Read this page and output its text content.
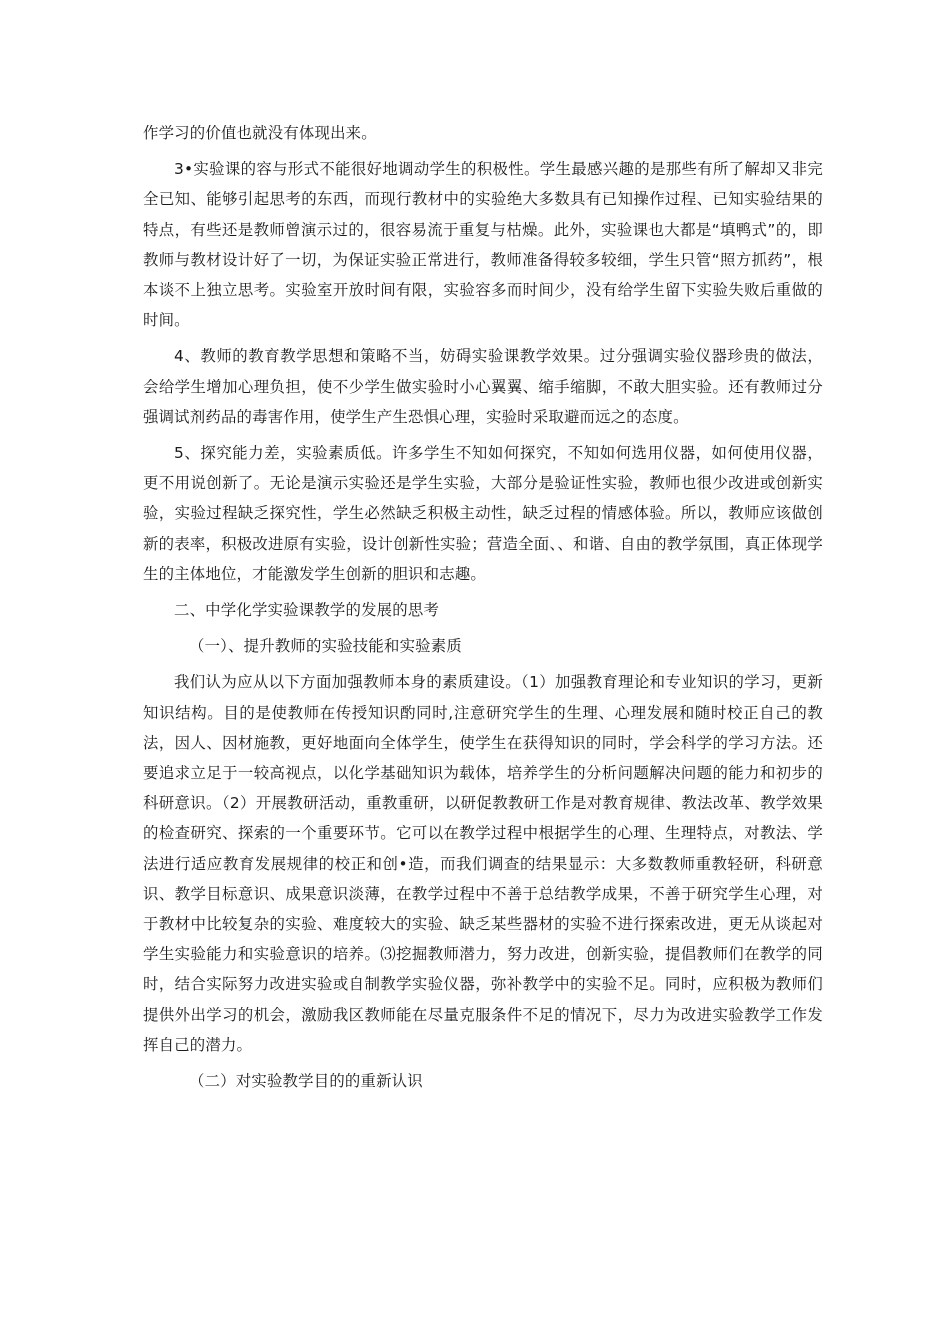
作学习的价值也就没有体现出来。

3•实验课的容与形式不能很好地调动学生的积极性。学生最感兴趣的是那些有所了解却又非完全已知、能够引起思考的东西，而现行教材中的实验绝大多数具有已知操作过程、已知实验结果的特点，有些还是教师曾演示过的，很容易流于重复与枯燥。此外，实验课也大都是“填鸭式”的，即教师与教材设计好了一切，为保证实验正常进行，教师准备得较多较细，学生只管“照方抓药”，根本谈不上独立思考。实验室开放时间有限，实验容多而时间少，没有给学生留下实验失败后重做的时间。

4、教师的教育教学思想和策略不当，妨碍实验课教学效果。过分强调实验仪器珍贵的做法，会给学生增加心理负担，使不少学生做实验时小心翼翼、缩手缩脚，不敢大胆实验。还有教师过分强调试剂药品的毒害作用，使学生产生恐惧心理，实验时采取避而远之的态度。

5、探究能力差，实验素质低。许多学生不知如何探究，不知如何选用仪器，如何使用仪器，更不用说创新了。无论是演示实验还是学生实验，大部分是验证性实验，教师也很少改进或创新实验，实验过程缺乏探究性，学生必然缺乏积极主动性，缺乏过程的情感体验。所以，教师应该做创新的表率，积极改进原有实验，设计创新性实验；营造全面、、和谐、自由的教学氛围，真正体现学生的主体地位，才能激发学生创新的胆识和志趣。

二、中学化学实验课教学的发展的思考

（一）、提升教师的实验技能和实验素质

我们认为应从以下方面加强教师本身的素质建设。（1）加强教育理论和专业知识的学习，更新知识结构。目的是使教师在传授知识酌同时,注意研究学生的生理、心理发展和随时校正自己的教法，因人、因材施教，更好地面向全体学生，使学生在获得知识的同时，学会科学的学习方法。还要追求立足于一较高视点，以化学基础知识为载体，培养学生的分析问题解决问题的能力和初步的科研意识。（2）开展教研活动，重教重研，以研促教教研工作是对教育规律、教法改革、教学效果的检查研究、探索的一个重要环节。它可以在教学过程中根据学生的心理、生理特点，对教法、学法进行适应教育发展规律的校正和创•造，而我们调查的结果显示：大多数教师重教轻研，科研意识、教学目标意识、成果意识淡薄，在教学过程中不善于总结教学成果，不善于研究学生心理，对于教材中比较复杂的实验、难度较大的实验、缺乏某些器材的实验不进行探索改进，更无从谈起对学生实验能力和实验意识的培养。⑶挖掘教师潜力，努力改进，创新实验，提倡教师们在教学的同时，结合实际努力改进实验或自制教学实验仪器，弥补教学中的实验不足。同时，应积极为教师们提供外出学习的机会，激励我区教师能在尽量克服条件不足的情况下，尽力为改进实验教学工作发挥自己的潜力。

（二）对实验教学目的的重新认识
